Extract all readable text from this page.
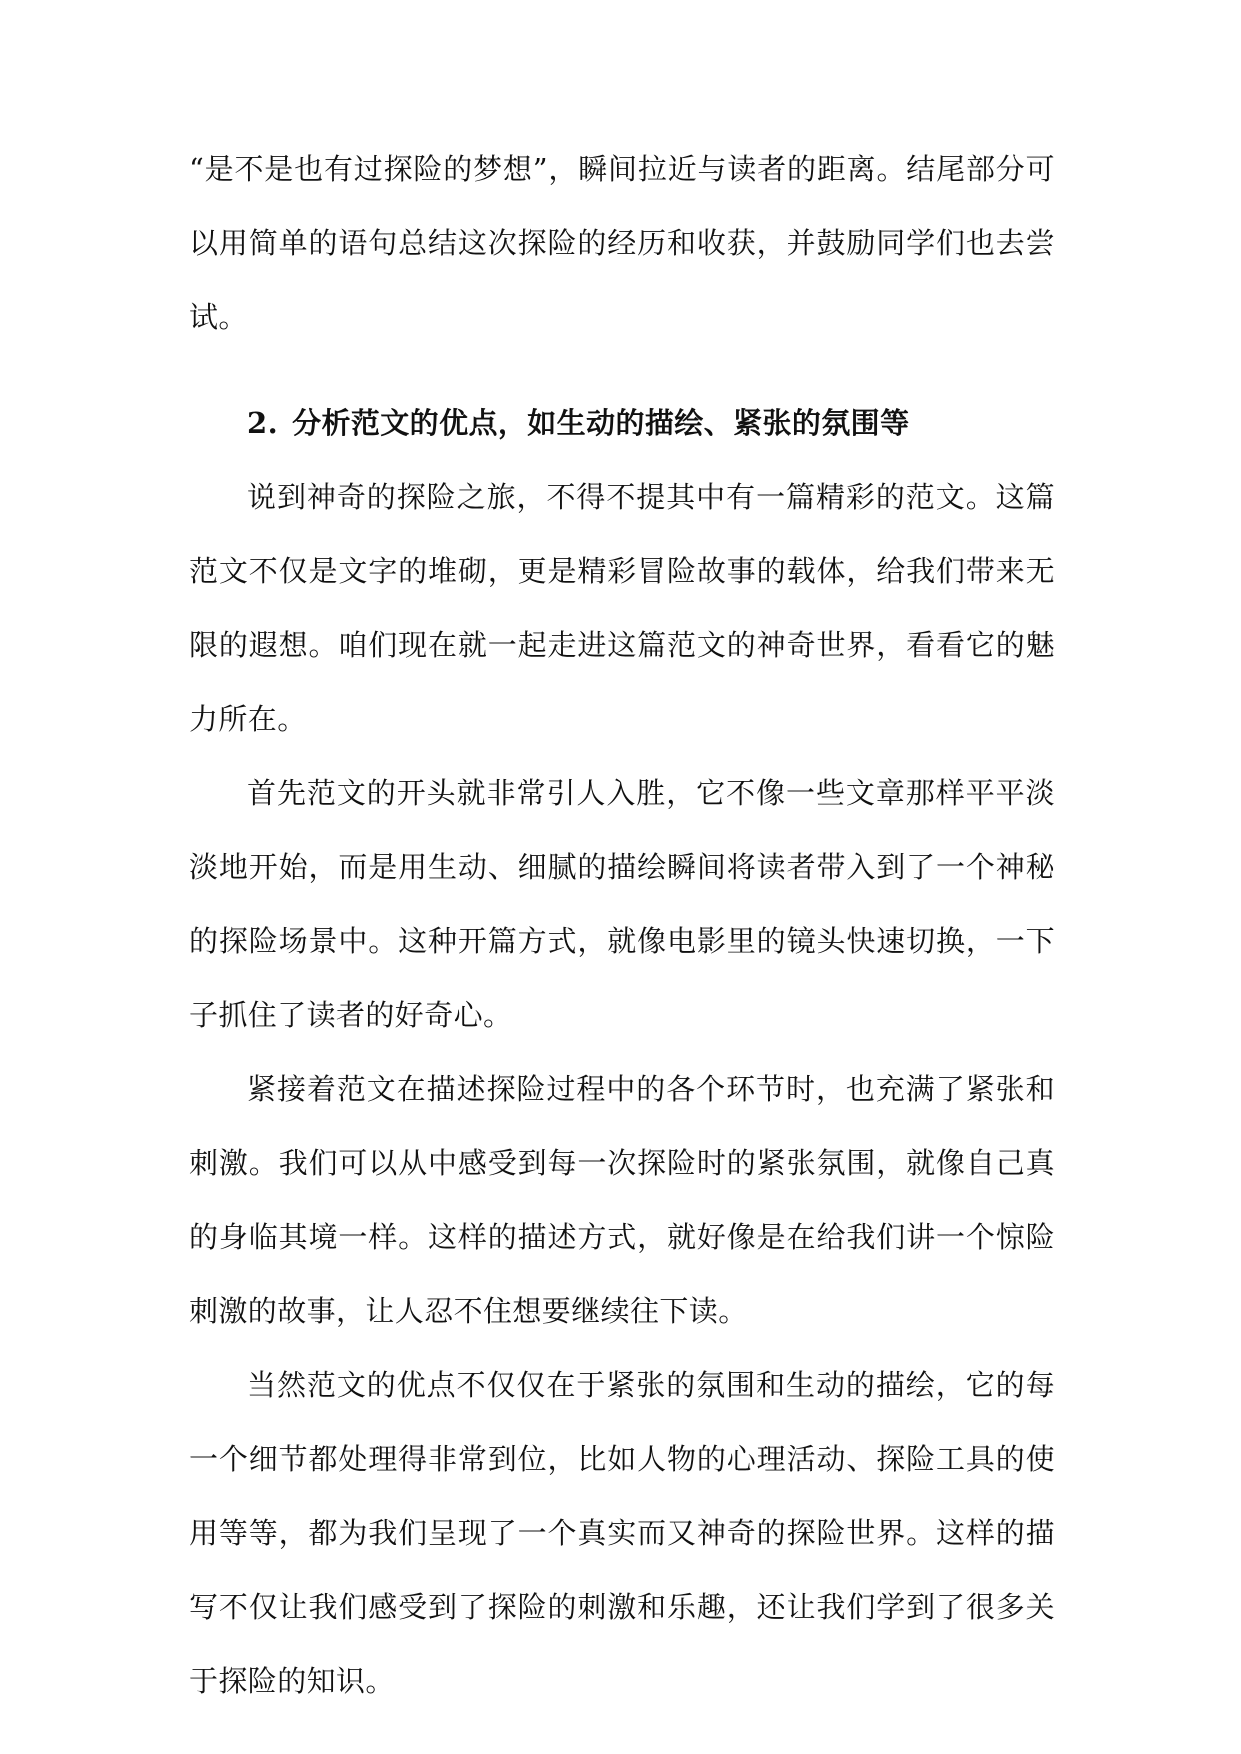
“是不是也有过探险的梦想”，瞬间拉近与读者的距离。结尾部分可以用简单的语句总结这次探险的经历和收获，并鼓励同学们也去尝试。

2. 分析范文的优点，如生动的描绘、紧张的氛围等

说到神奇的探险之旅，不得不提其中有一篇精彩的范文。这篇范文不仅是文字的堆砌，更是精彩冒险故事的载体，给我们带来无限的遐想。咱们现在就一起走进这篇范文的神奇世界，看看它的魅力所在。

首先范文的开头就非常引人入胜，它不像一些文章那样平平淡淡地开始，而是用生动、细腻的描绘瞬间将读者带入到了一个神秘的探险场景中。这种开篇方式，就像电影里的镜头快速切换，一下子抓住了读者的好奇心。

紧接着范文在描述探险过程中的各个环节时，也充满了紧张和刺激。我们可以从中感受到每一次探险时的紧张氛围，就像自己真的身临其境一样。这样的描述方式，就好像是在给我们讲一个惊险刺激的故事，让人忍不住想要继续往下读。

当然范文的优点不仅仅在于紧张的氛围和生动的描绘，它的每一个细节都处理得非常到位，比如人物的心理活动、探险工具的使用等等，都为我们呈现了一个真实而又神奇的探险世界。这样的描写不仅让我们感受到了探险的刺激和乐趣，还让我们学到了很多关于探险的知识。
